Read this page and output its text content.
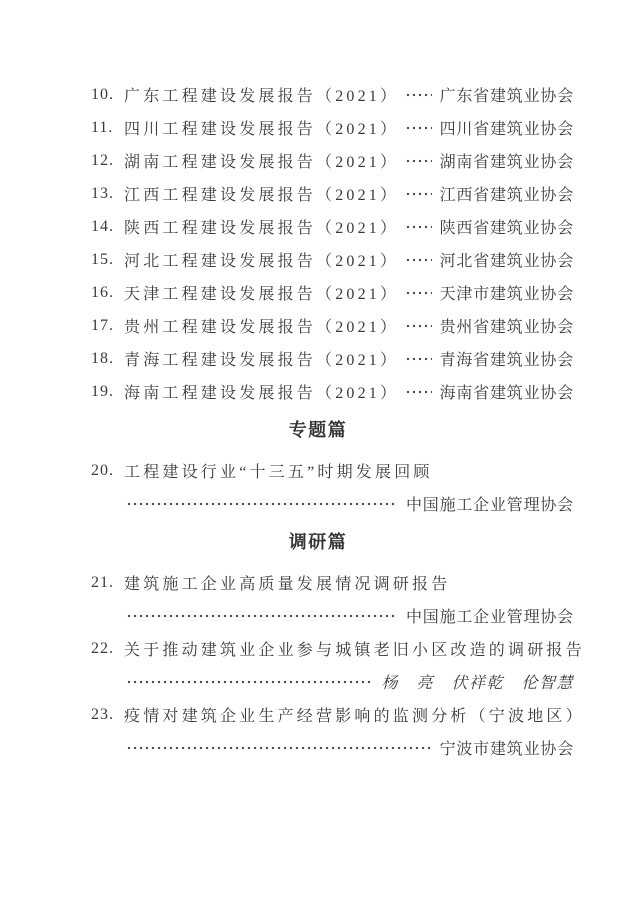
10. 广东工程建设发展报告（2021）	广东省建筑业协会
11. 四川工程建设发展报告（2021）	四川省建筑业协会
12. 湖南工程建设发展报告（2021）	湖南省建筑业协会
13. 江西工程建设发展报告（2021）	江西省建筑业协会
14. 陕西工程建设发展报告（2021）	陕西省建筑业协会
15. 河北工程建设发展报告（2021）	河北省建筑业协会
16. 天津工程建设发展报告（2021）	天津市建筑业协会
17. 贵州工程建设发展报告（2021）	贵州省建筑业协会
18. 青海工程建设发展报告（2021）	青海省建筑业协会
19. 海南工程建设发展报告（2021）	海南省建筑业协会
专题篇
20. 工程建设行业“十三五”时期发展回顾
中国施工企业管理协会
调研篇
21. 建筑施工企业高质量发展情况调研报告
中国施工企业管理协会
22. 关于推动建筑业企业参与城镇老旧小区改造的调研报告
杨　亮　伏祥乾　伦智慧
23. 疫情对建筑企业生产经营影响的监测分析（宁波地区）
宁波市建筑业协会
